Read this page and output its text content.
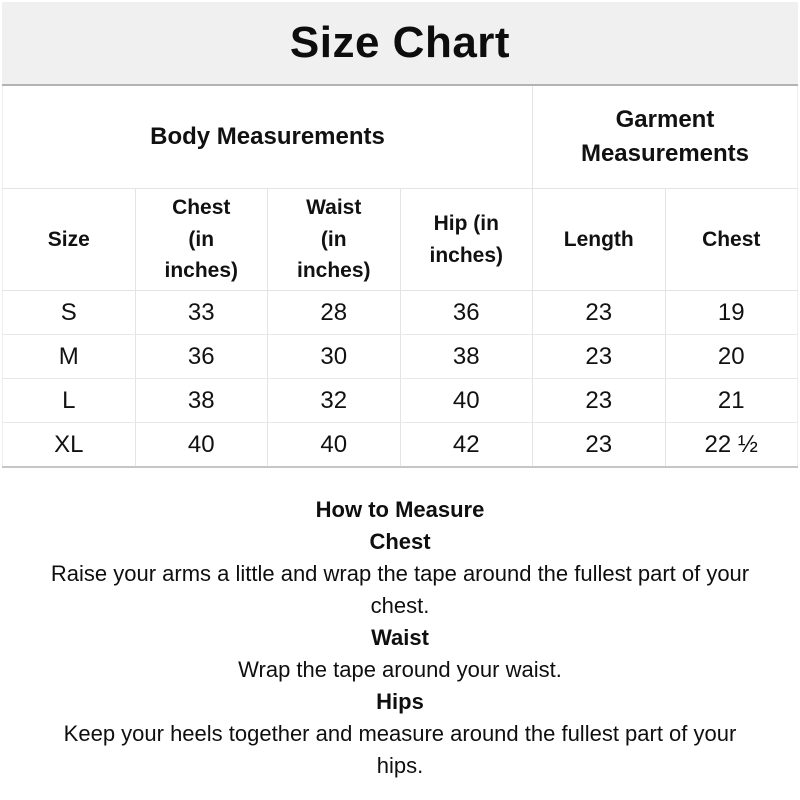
Size Chart
Body Measurements				Garment Measurements	
Size	Chest (in inches)	Waist (in inches)	Hip (in inches)	Length	Chest
S	33	28	36	23	19
M	36	30	38	23	20
L	38	32	40	23	21
XL	40	40	42	23	22 ½
How to Measure
Chest

Raise your arms a little and wrap the tape around the fullest part of your chest.

Waist

Wrap the tape around your waist.

Hips

Keep your heels together and measure around the fullest part of your hips.
